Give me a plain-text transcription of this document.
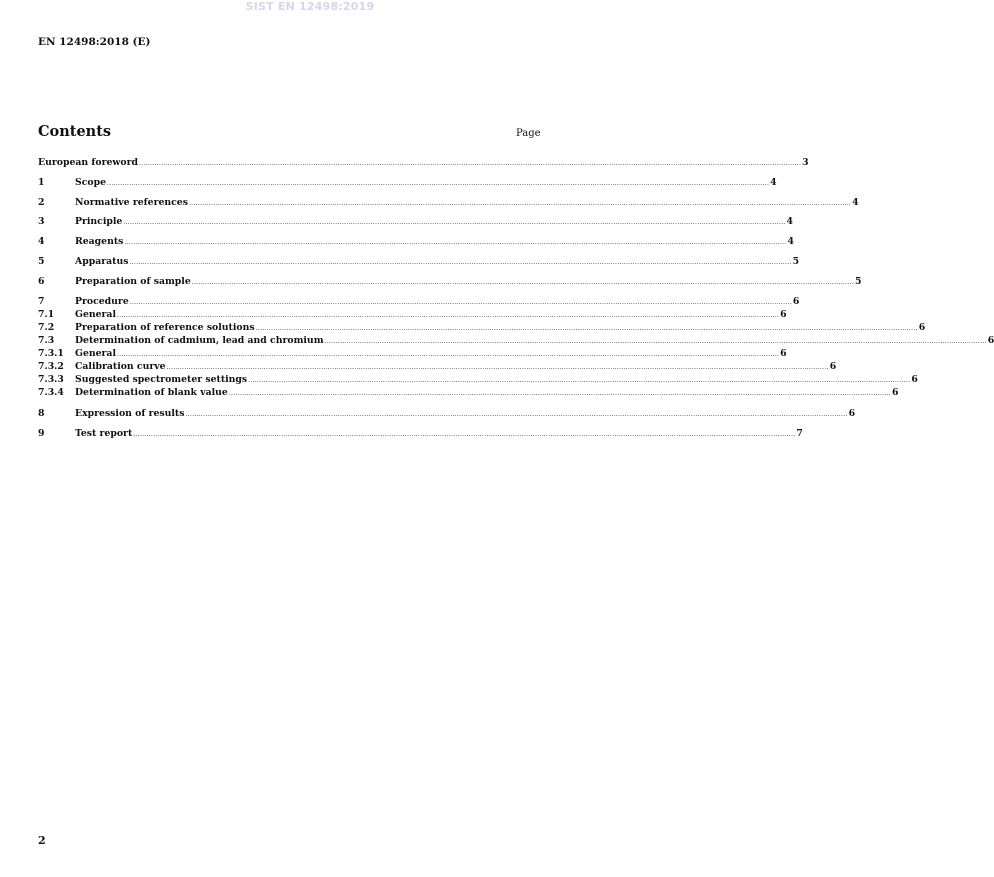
SIST EN 12498:2019
EN 12498:2018 (E)
Contents	Page
European foreword ............................................................................................................................................................................................................................................................................................................ 3
1	Scope ............................................................................................................................................................................................................................................................................................................ 4
2	Normative references ............................................................................................................................................................................................................................................................................................................ 4
3	Principle ............................................................................................................................................................................................................................................................................................................ 4
4	Reagents ............................................................................................................................................................................................................................................................................................................ 4
5	Apparatus ............................................................................................................................................................................................................................................................................................................ 5
6	Preparation of sample ............................................................................................................................................................................................................................................................................................................ 5
7	Procedure ............................................................................................................................................................................................................................................................................................................ 6
7.1	General ............................................................................................................................................................................................................................................................................................................ 6
7.2	Preparation of reference solutions ............................................................................................................................................................................................................................................................................................................ 6
7.3	Determination of cadmium, lead and chromium ............................................................................................................................................................................................................................................................................................................ 6
7.3.1	General ............................................................................................................................................................................................................................................................................................................ 6
7.3.2	Calibration curve ............................................................................................................................................................................................................................................................................................................ 6
7.3.3	Suggested spectrometer settings ............................................................................................................................................................................................................................................................................................................ 6
7.3.4	Determination of blank value ............................................................................................................................................................................................................................................................................................................ 6
8	Expression of results ............................................................................................................................................................................................................................................................................................................ 6
9	Test report ............................................................................................................................................................................................................................................................................................................ 7
2
